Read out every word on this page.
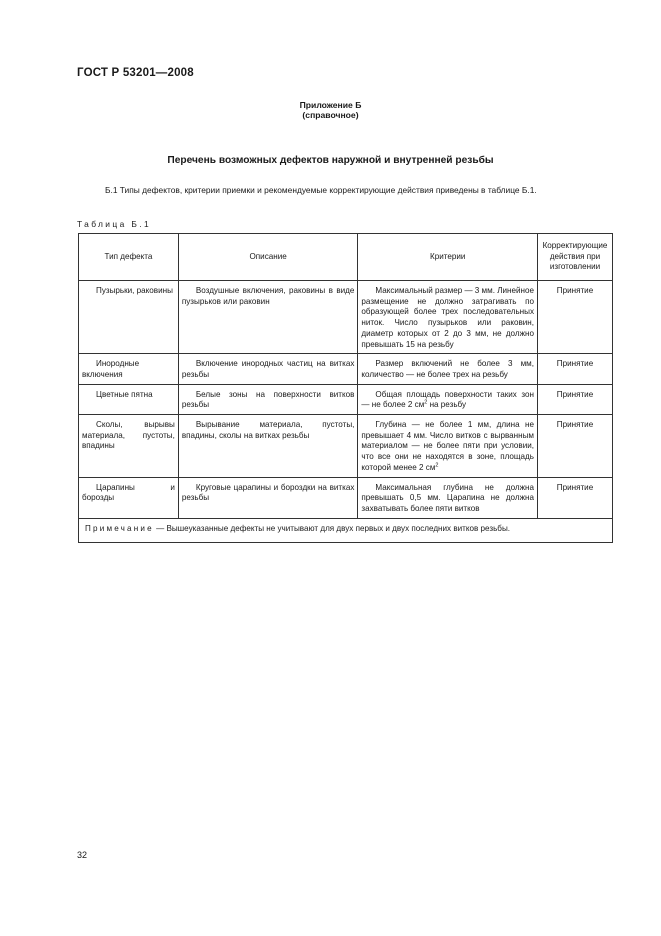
ГОСТ Р 53201—2008
Приложение Б
(справочное)
Перечень возможных дефектов наружной и внутренней резьбы
Б.1 Типы дефектов, критерии приемки и рекомендуемые корректирующие действия приведены в таблице Б.1.
Таблица Б.1
Тип дефекта	Описание	Критерии	Корректирующие действия при изготовлении
Пузырьки, раковины	Воздушные включения, раковины в виде пузырьков или раковин	Максимальный размер — 3 мм. Линейное размещение не должно затрагивать по образующей более трех последовательных ниток. Число пузырьков или раковин, диаметр которых от 2 до 3 мм, не должно превышать 15 на резьбу	Принятие
Инородные включения	Включение инородных частиц на витках резьбы	Размер включений не более 3 мм, количество — не более трех на резьбу	Принятие
Цветные пятна	Белые зоны на поверхности витков резьбы	Общая площадь поверхности таких зон — не более 2 $см^2$ на резьбу	Принятие
Сколы, вырывы материала, пустоты, впадины	Вырывание материала, пустоты, впадины, сколы на витках резьбы	Глубина — не более 1 мм, длина не превышает 4 мм. Число витков с вырванным материалом — не более пяти при условии, что все они не находятся в зоне, площадь которой менее 2 $см^2$	Принятие
Царапины и борозды	Круговые царапины и бороздки на витках резьбы	Максимальная глубина не должна превышать 0,5 мм. Царапина не должна захватывать более пяти витков	Принятие
Примечание — Вышеуказанные дефекты не учитывают для двух первых и двух последних витков резьбы.			
32
